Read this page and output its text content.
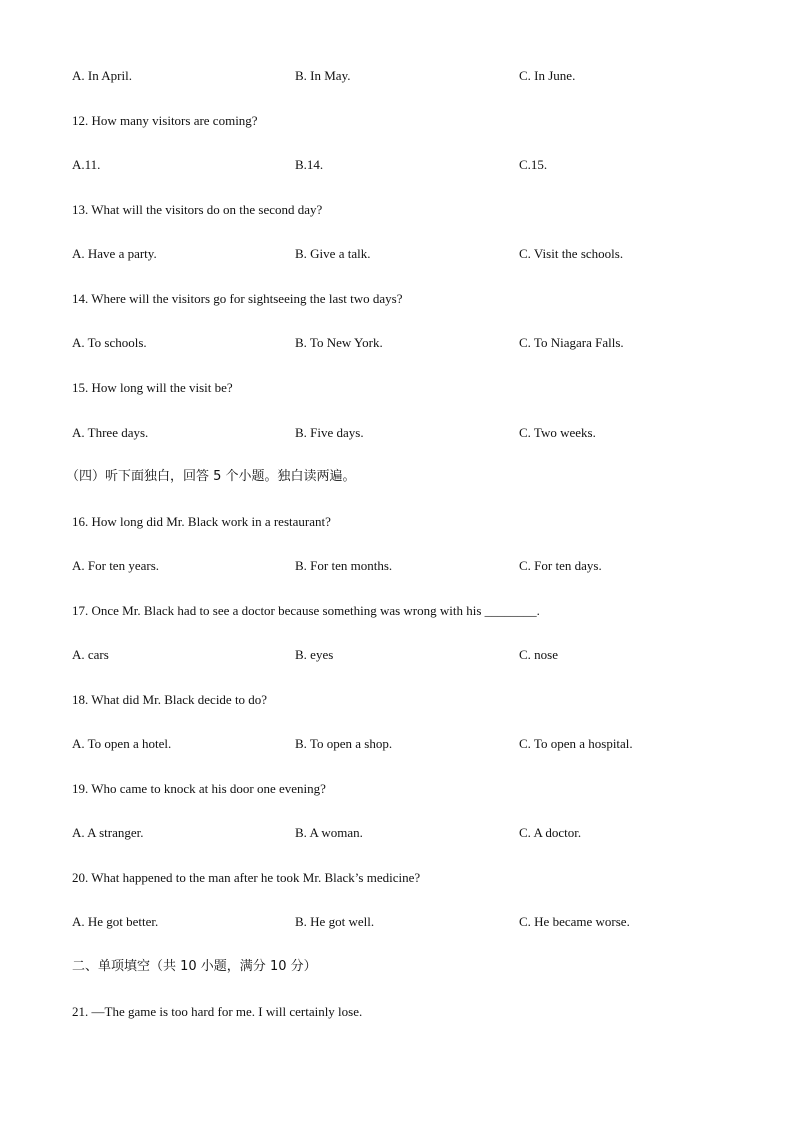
A. In April.	B. In May.	C. In June.
12. How many visitors are coming?
A.11.	B.14.	C.15.
13. What will the visitors do on the second day?
A. Have a party.	B. Give a talk.	C. Visit the schools.
14. Where will the visitors go for sightseeing the last two days?
A. To schools.	B. To New York.	C. To Niagara Falls.
15. How long will the visit be?
A. Three days.	B. Five days.	C. Two weeks.
（四）听下面独白，回答 5 个小题。独白读两遍。
16. How long did Mr. Black work in a restaurant?
A. For ten years.	B. For ten months.	C. For ten days.
17. Once Mr. Black had to see a doctor because something was wrong with his ________.
A. cars	B. eyes	C. nose
18. What did Mr. Black decide to do?
A. To open a hotel.	B. To open a shop.	C. To open a hospital.
19. Who came to knock at his door one evening?
A. A stranger.	B. A woman.	C. A doctor.
20. What happened to the man after he took Mr. Black’s medicine?
A. He got better.	B. He got well.	C. He became worse.
二、单项填空（共 10 小题，满分 10 分）
21. —The game is too hard for me. I will certainly lose.
